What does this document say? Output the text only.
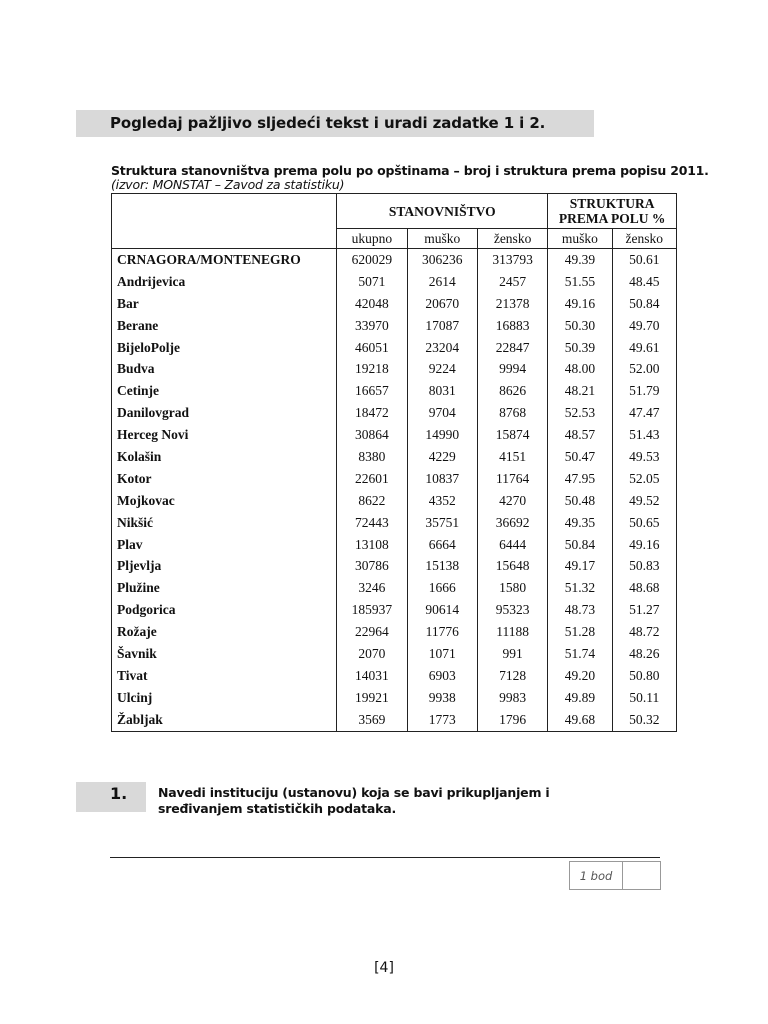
Pogledaj pažljivo sljedeći tekst i uradi zadatke 1 i 2.
Struktura stanovništva prema polu po opštinama – broj i struktura prema popisu 2011.
(izvor: MONSTAT – Zavod za statistiku)
	STANOVNIŠTVO			STRUKTURA PREMA POLU %	
	ukupno	muško	žensko	muško	žensko
CRNAGORA/MONTENEGRO	620029	306236	313793	49.39	50.61
Andrijevica	5071	2614	2457	51.55	48.45
Bar	42048	20670	21378	49.16	50.84
Berane	33970	17087	16883	50.30	49.70
BijeloPolje	46051	23204	22847	50.39	49.61
Budva	19218	9224	9994	48.00	52.00
Cetinje	16657	8031	8626	48.21	51.79
Danilovgrad	18472	9704	8768	52.53	47.47
Herceg Novi	30864	14990	15874	48.57	51.43
Kolašin	8380	4229	4151	50.47	49.53
Kotor	22601	10837	11764	47.95	52.05
Mojkovac	8622	4352	4270	50.48	49.52
Nikšić	72443	35751	36692	49.35	50.65
Plav	13108	6664	6444	50.84	49.16
Pljevlja	30786	15138	15648	49.17	50.83
Plužine	3246	1666	1580	51.32	48.68
Podgorica	185937	90614	95323	48.73	51.27
Rožaje	22964	11776	11188	51.28	48.72
Šavnik	2070	1071	991	51.74	48.26
Tivat	14031	6903	7128	49.20	50.80
Ulcinj	19921	9938	9983	49.89	50.11
Žabljak	3569	1773	1796	49.68	50.32
1. Navedi instituciju (ustanovu) koja se bavi prikupljanjem i sređivanjem statističkih podataka.
1 bod
[4]
